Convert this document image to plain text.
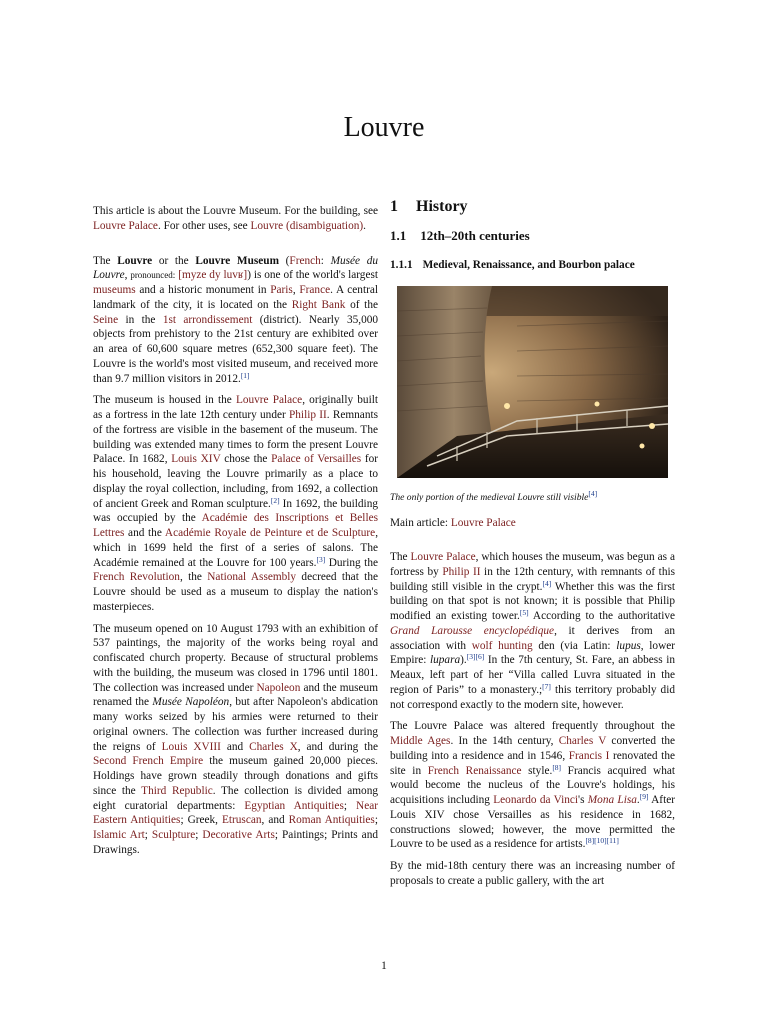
Louvre

This article is about the Louvre Museum. For the building, see Louvre Palace. For other uses, see Louvre (disambiguation).

The Louvre or the Louvre Museum (French: Musée du Louvre, pronounced: [myze dy luvʁ]) is one of the world's largest museums and a historic monument in Paris, France. A central landmark of the city, it is located on the Right Bank of the Seine in the 1st arrondissement (district). Nearly 35,000 objects from prehistory to the 21st century are exhibited over an area of 60,600 square metres (652,300 square feet). The Louvre is the world's most visited museum, and received more than 9.7 million visitors in 2012.[1]

The museum is housed in the Louvre Palace, originally built as a fortress in the late 12th century under Philip II. Remnants of the fortress are visible in the basement of the museum. The building was extended many times to form the present Louvre Palace. In 1682, Louis XIV chose the Palace of Versailles for his household, leaving the Louvre primarily as a place to display the royal collection, including, from 1692, a collection of ancient Greek and Roman sculpture.[2] In 1692, the building was occupied by the Académie des Inscriptions et Belles Lettres and the Académie Royale de Peinture et de Sculpture, which in 1699 held the first of a series of salons. The Académie remained at the Louvre for 100 years.[3] During the French Revolution, the National Assembly decreed that the Louvre should be used as a museum to display the nation's masterpieces.

The museum opened on 10 August 1793 with an exhibition of 537 paintings, the majority of the works being royal and confiscated church property. Because of structural problems with the building, the museum was closed in 1796 until 1801. The collection was increased under Napoleon and the museum renamed the Musée Napoléon, but after Napoleon's abdication many works seized by his armies were returned to their original owners. The collection was further increased during the reigns of Louis XVIII and Charles X, and during the Second French Empire the museum gained 20,000 pieces. Holdings have grown steadily through donations and gifts since the Third Republic. The collection is divided among eight curatorial departments: Egyptian Antiquities; Near Eastern Antiquities; Greek, Etruscan, and Roman Antiquities; Islamic Art; Sculpture; Decorative Arts; Paintings; Prints and Drawings.

1 History
1.1 12th–20th centuries
1.1.1 Medieval, Renaissance, and Bourbon palace
The only portion of the medieval Louvre still visible[4]

Main article: Louvre Palace

The Louvre Palace, which houses the museum, was begun as a fortress by Philip II in the 12th century, with remnants of this building still visible in the crypt.[4] Whether this was the first building on that spot is not known; it is possible that Philip modified an existing tower.[5] According to the authoritative Grand Larousse encyclopédique, it derives from an association with wolf hunting den (via Latin: lupus, lower Empire: lupara).[3][6] In the 7th century, St. Fare, an abbess in Meaux, left part of her “Villa called Luvra situated in the region of Paris” to a monastery.;[7] this territory probably did not correspond exactly to the modern site, however.

The Louvre Palace was altered frequently throughout the Middle Ages. In the 14th century, Charles V converted the building into a residence and in 1546, Francis I renovated the site in French Renaissance style.[8] Francis acquired what would become the nucleus of the Louvre's holdings, his acquisitions including Leonardo da Vinci's Mona Lisa.[9] After Louis XIV chose Versailles as his residence in 1682, constructions slowed; however, the move permitted the Louvre to be used as a residence for artists.[8][10][11]

By the mid-18th century there was an increasing number of proposals to create a public gallery, with the art

1
